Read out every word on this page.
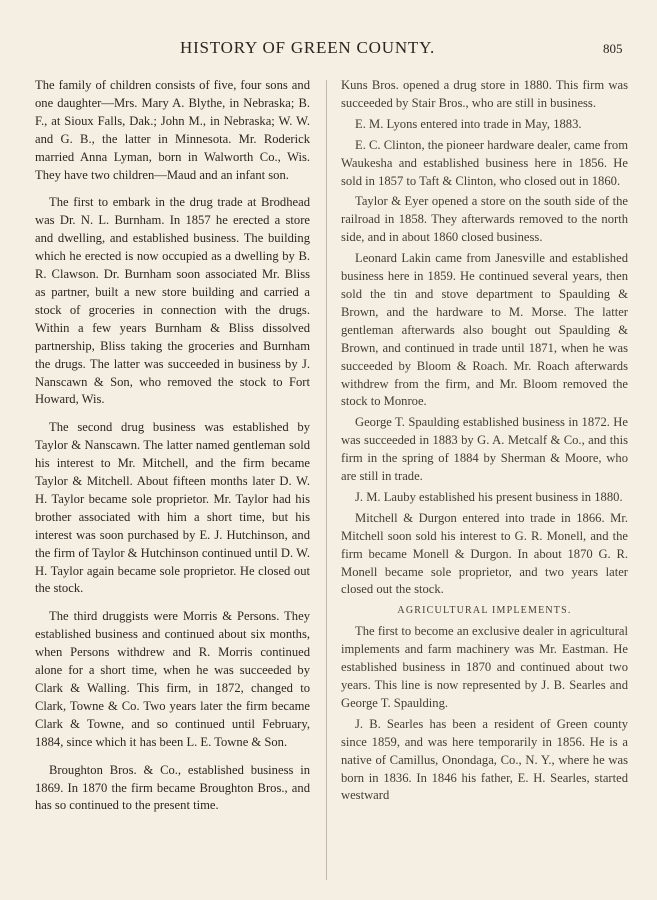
HISTORY OF GREEN COUNTY.	805

The family of children consists of five, four sons and one daughter—Mrs. Mary A. Blythe, in Nebraska; B. F., at Sioux Falls, Dak.; John M., in Nebraska; W. W. and G. B., the latter in Minnesota. Mr. Roderick married Anna Lyman, born in Walworth Co., Wis. They have two children—Maud and an infant son.

The first to embark in the drug trade at Brodhead was Dr. N. L. Burnham. In 1857 he erected a store and dwelling, and established business. The building which he erected is now occupied as a dwelling by B. R. Clawson. Dr. Burnham soon associated Mr. Bliss as partner, built a new store building and carried a stock of groceries in connection with the drugs. Within a few years Burnham & Bliss dissolved partnership, Bliss taking the groceries and Burnham the drugs. The latter was succeeded in business by J. Nanscawn & Son, who removed the stock to Fort Howard, Wis.

The second drug business was established by Taylor & Nanscawn. The latter named gentleman sold his interest to Mr. Mitchell, and the firm became Taylor & Mitchell. About fifteen months later D. W. H. Taylor became sole proprietor. Mr. Taylor had his brother associated with him a short time, but his interest was soon purchased by E. J. Hutchinson, and the firm of Taylor & Hutchinson continued until D. W. H. Taylor again became sole proprietor. He closed out the stock.

The third druggists were Morris & Persons. They established business and continued about six months, when Persons withdrew and R. Morris continued alone for a short time, when he was succeeded by Clark & Walling. This firm, in 1872, changed to Clark, Towne & Co. Two years later the firm became Clark & Towne, and so continued until February, 1884, since which it has been L. E. Towne & Son.

Broughton Bros. & Co., established business in 1869. In 1870 the firm became Broughton Bros., and has so continued to the present time.

Kuns Bros. opened a drug store in 1880. This firm was succeeded by Stair Bros., who are still in business.

E. M. Lyons entered into trade in May, 1883.

E. C. Clinton, the pioneer hardware dealer, came from Waukesha and established business here in 1856. He sold in 1857 to Taft & Clinton, who closed out in 1860.

Taylor & Eyer opened a store on the south side of the railroad in 1858. They afterwards removed to the north side, and in about 1860 closed business.

Leonard Lakin came from Janesville and established business here in 1859. He continued several years, then sold the tin and stove department to Spaulding & Brown, and the hardware to M. Morse. The latter gentleman afterwards also bought out Spaulding & Brown, and continued in trade until 1871, when he was succeeded by Bloom & Roach. Mr. Roach afterwards withdrew from the firm, and Mr. Bloom removed the stock to Monroe.

George T. Spaulding established business in 1872. He was succeeded in 1883 by G. A. Metcalf & Co., and this firm in the spring of 1884 by Sherman & Moore, who are still in trade.

J. M. Lauby established his present business in 1880.

Mitchell & Durgon entered into trade in 1866. Mr. Mitchell soon sold his interest to G. R. Monell, and the firm became Monell & Durgon. In about 1870 G. R. Monell became sole proprietor, and two years later closed out the stock.

AGRICULTURAL IMPLEMENTS.

The first to become an exclusive dealer in agricultural implements and farm machinery was Mr. Eastman. He established business in 1870 and continued about two years. This line is now represented by J. B. Searles and George T. Spaulding.

J. B. Searles has been a resident of Green county since 1859, and was here temporarily in 1856. He is a native of Camillus, Onondaga, Co., N. Y., where he was born in 1836. In 1846 his father, E. H. Searles, started westward
